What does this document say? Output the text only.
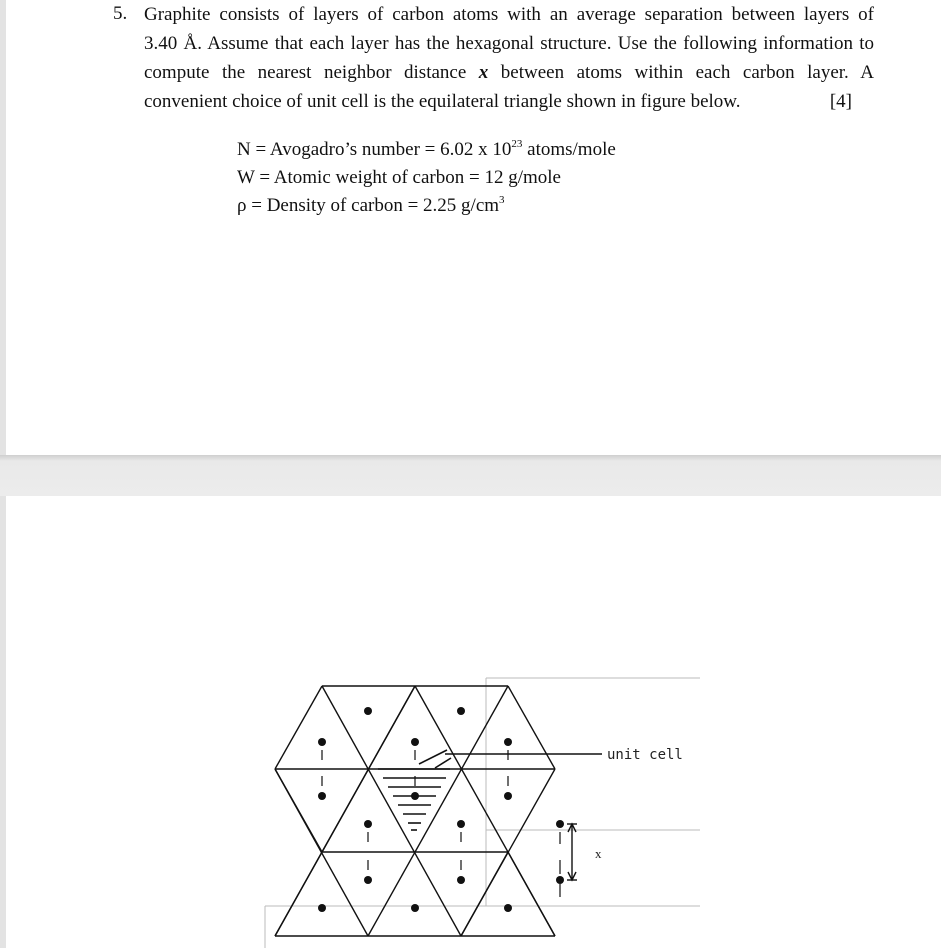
5. Graphite consists of layers of carbon atoms with an average separation between layers of
3.40 Å. Assume that each layer has the hexagonal structure. Use the following information to
compute the nearest neighbor distance x between atoms within each carbon layer. A
convenient choice of unit cell is the equilateral triangle shown in figure below.	[4]
N = Avogadro’s number = 6.02 x $10^{23}$ atoms/mole
W = Atomic weight of carbon = 12 g/mole
ρ = Density of carbon = 2.25 $g/cm^3$
unit cell
x
